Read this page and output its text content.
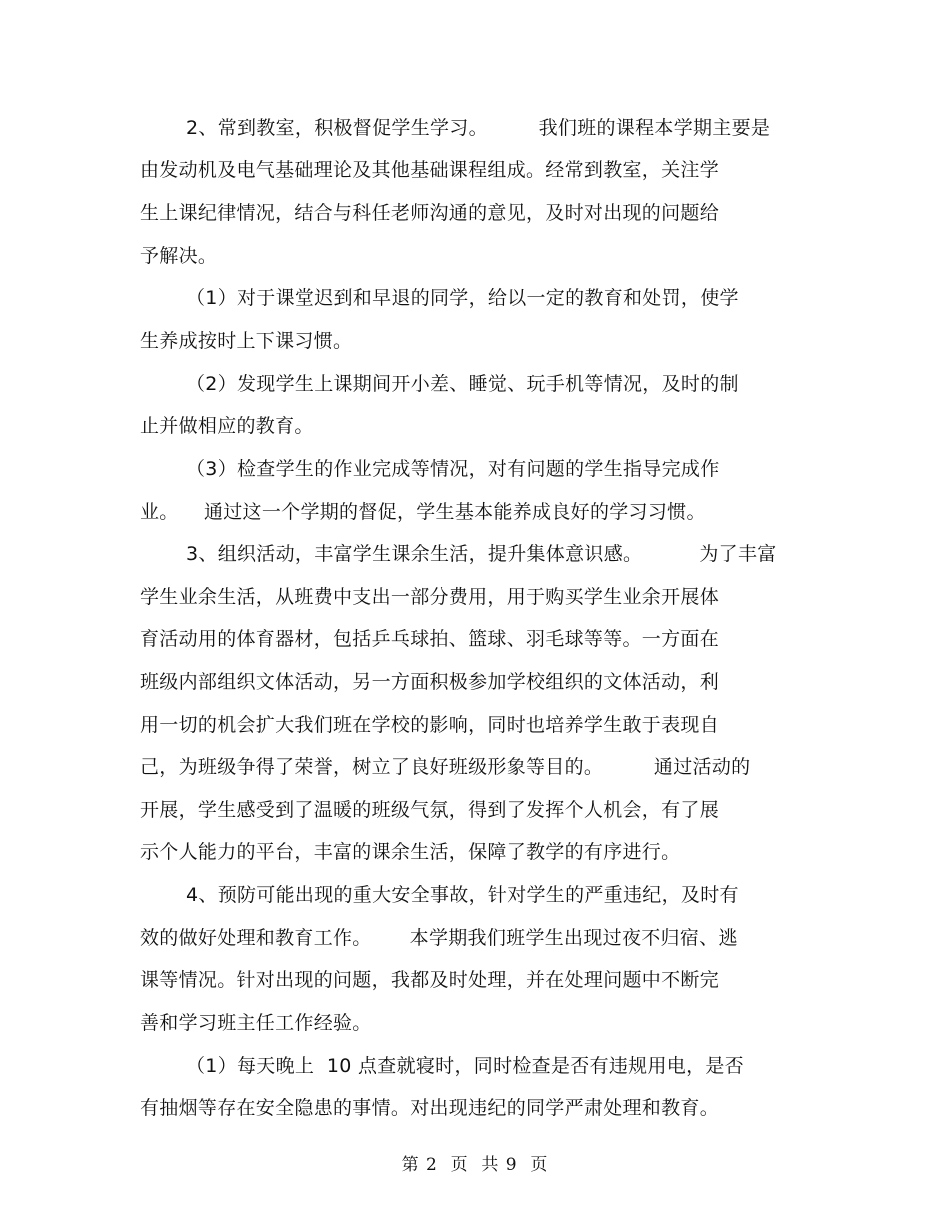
2、常到教室，积极督促学生学习。        我们班的课程本学期主要是
由发动机及电气基础理论及其他基础课程组成。经常到教室，关注学
生上课纪律情况，结合与科任老师沟通的意见，及时对出现的问题给
予解决。
（1）对于课堂迟到和早退的同学，给以一定的教育和处罚，使学
生养成按时上下课习惯。
（2）发现学生上课期间开小差、睡觉、玩手机等情况，及时的制
止并做相应的教育。
（3）检查学生的作业完成等情况，对有问题的学生指导完成作
业。    通过这一个学期的督促，学生基本能养成良好的学习习惯。
3、组织活动，丰富学生课余生活，提升集体意识感。         为了丰富
学生业余生活，从班费中支出一部分费用，用于购买学生业余开展体
育活动用的体育器材，包括乒乓球拍、篮球、羽毛球等等。一方面在
班级内部组织文体活动，另一方面积极参加学校组织的文体活动，利
用一切的机会扩大我们班在学校的影响，同时也培养学生敢于表现自
己，为班级争得了荣誉，树立了良好班级形象等目的。        通过活动的
开展，学生感受到了温暖的班级气氛，得到了发挥个人机会，有了展
示个人能力的平台，丰富的课余生活，保障了教学的有序进行。
4、预防可能出现的重大安全事故，针对学生的严重违纪，及时有
效的做好处理和教育工作。      本学期我们班学生出现过夜不归宿、逃
课等情况。针对出现的问题，我都及时处理，并在处理问题中不断完
善和学习班主任工作经验。
（1）每天晚上  10 点查就寝时，同时检查是否有违规用电，是否
有抽烟等存在安全隐患的事情。对出现违纪的同学严肃处理和教育。
第 2  页  共 9  页
